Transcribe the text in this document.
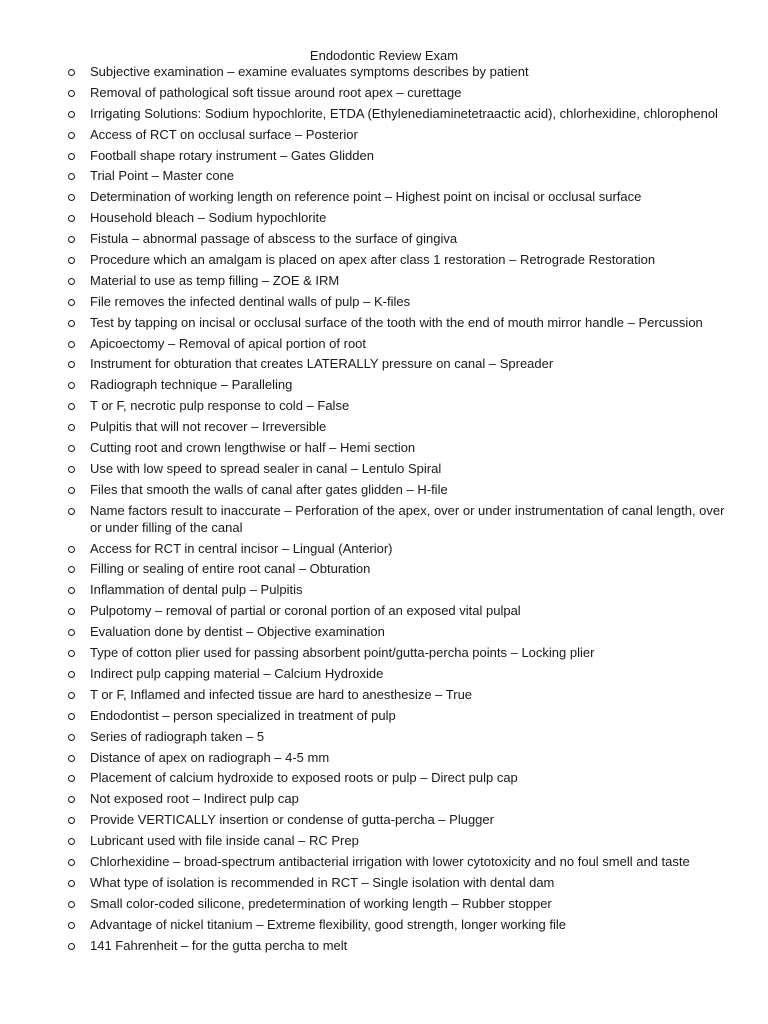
Endodontic Review Exam
Subjective examination – examine evaluates symptoms describes by patient
Removal of pathological soft tissue around root apex – curettage
Irrigating Solutions: Sodium hypochlorite, ETDA (Ethylenediaminetetraactic acid), chlorhexidine, chlorophenol
Access of RCT on occlusal surface – Posterior
Football shape rotary instrument – Gates Glidden
Trial Point – Master cone
Determination of working length on reference point – Highest point on incisal or occlusal surface
Household bleach – Sodium hypochlorite
Fistula – abnormal passage of abscess to the surface of gingiva
Procedure which an amalgam is placed on apex after class 1 restoration – Retrograde Restoration
Material to use as temp filling – ZOE & IRM
File removes the infected dentinal walls of pulp – K-files
Test by tapping on incisal or occlusal surface of the tooth with the end of mouth mirror handle – Percussion
Apicoectomy – Removal of apical portion of root
Instrument for obturation that creates LATERALLY pressure on canal – Spreader
Radiograph technique – Paralleling
T or F, necrotic pulp response to cold – False
Pulpitis that will not recover – Irreversible
Cutting root and crown lengthwise or half – Hemi section
Use with low speed to spread sealer in canal – Lentulo Spiral
Files that smooth the walls of canal after gates glidden – H-file
Name factors result to inaccurate – Perforation of the apex, over or under instrumentation of canal length, over or under filling of the canal
Access for RCT in central incisor – Lingual (Anterior)
Filling or sealing of entire root canal – Obturation
Inflammation of dental pulp – Pulpitis
Pulpotomy – removal of partial or coronal portion of an exposed vital pulpal
Evaluation done by dentist – Objective examination
Type of cotton plier used for passing absorbent point/gutta-percha points – Locking plier
Indirect pulp capping material – Calcium Hydroxide
T or F, Inflamed and infected tissue are hard to anesthesize – True
Endodontist – person specialized in treatment of pulp
Series of radiograph taken – 5
Distance of apex on radiograph – 4-5 mm
Placement of calcium hydroxide to exposed roots or pulp – Direct pulp cap
Not exposed root – Indirect pulp cap
Provide VERTICALLY insertion or condense of gutta-percha – Plugger
Lubricant used with file inside canal – RC Prep
Chlorhexidine – broad-spectrum antibacterial irrigation with lower cytotoxicity and no foul smell and taste
What type of isolation is recommended in RCT – Single isolation with dental dam
Small color-coded silicone, predetermination of working length – Rubber stopper
Advantage of nickel titanium – Extreme flexibility, good strength, longer working file
141 Fahrenheit – for the gutta percha to melt
